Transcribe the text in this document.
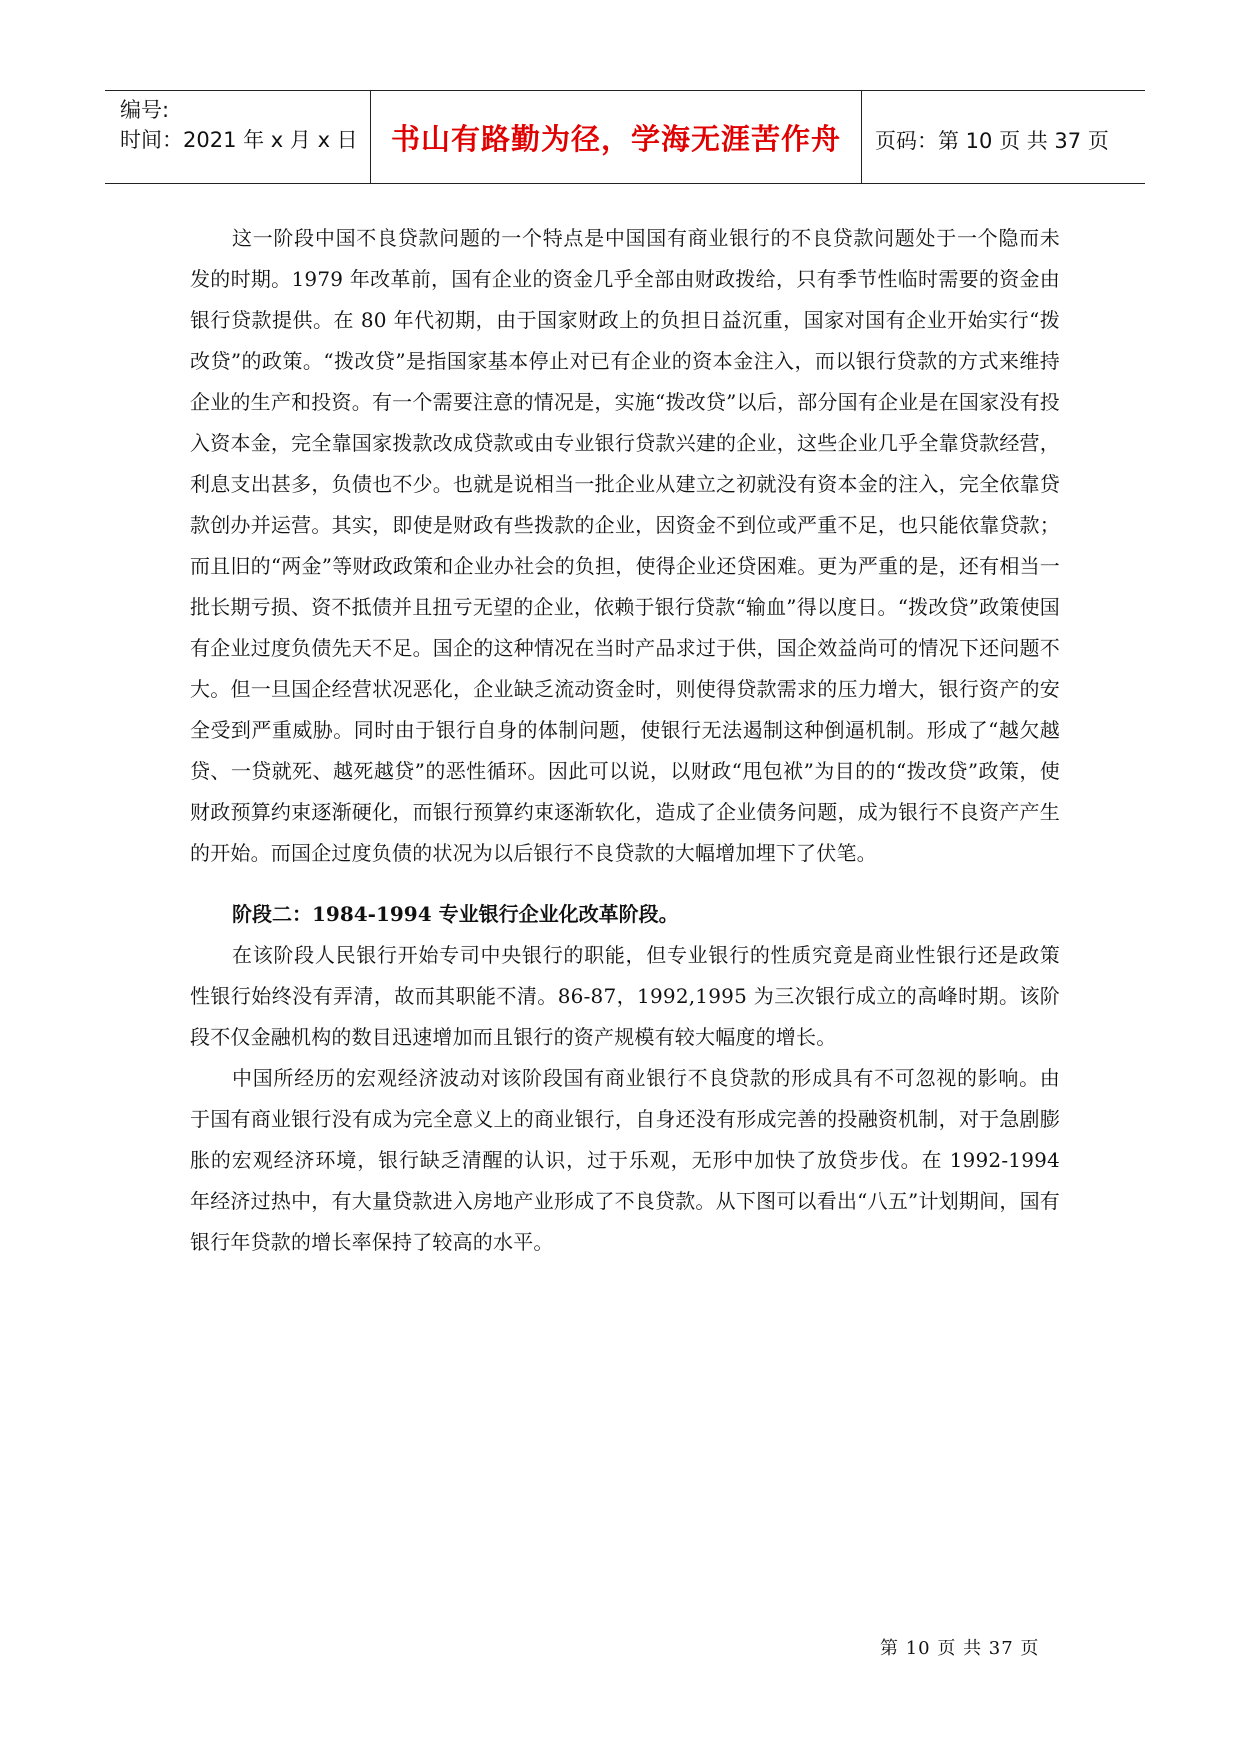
编号:
时间：2021 年 x 月 x 日	书山有路勤为径，学海无涯苦作舟	页码：第 10 页 共 37 页

这一阶段中国不良贷款问题的一个特点是中国国有商业银行的不良贷款问题处于一个隐而未发的时期。1979 年改革前，国有企业的资金几乎全部由财政拨给，只有季节性临时需要的资金由银行贷款提供。在 80 年代初期，由于国家财政上的负担日益沉重，国家对国有企业开始实行“拨改贷”的政策。“拨改贷”是指国家基本停止对已有企业的资本金注入，而以银行贷款的方式来维持企业的生产和投资。有一个需要注意的情况是，实施“拨改贷”以后，部分国有企业是在国家没有投入资本金，完全靠国家拨款改成贷款或由专业银行贷款兴建的企业，这些企业几乎全靠贷款经营，利息支出甚多，负债也不少。也就是说相当一批企业从建立之初就没有资本金的注入，完全依靠贷款创办并运营。其实，即使是财政有些拨款的企业，因资金不到位或严重不足，也只能依靠贷款；而且旧的“两金”等财政政策和企业办社会的负担，使得企业还贷困难。更为严重的是，还有相当一批长期亏损、资不抵债并且扭亏无望的企业，依赖于银行贷款“输血”得以度日。“拨改贷”政策使国有企业过度负债先天不足。国企的这种情况在当时产品求过于供，国企效益尚可的情况下还问题不大。但一旦国企经营状况恶化，企业缺乏流动资金时，则使得贷款需求的压力增大，银行资产的安全受到严重威胁。同时由于银行自身的体制问题，使银行无法遏制这种倒逼机制。形成了“越欠越贷、一贷就死、越死越贷”的恶性循环。因此可以说，以财政“甩包袱”为目的的“拨改贷”政策，使财政预算约束逐渐硬化，而银行预算约束逐渐软化，造成了企业债务问题，成为银行不良资产产生的开始。而国企过度负债的状况为以后银行不良贷款的大幅增加埋下了伏笔。

阶段二：1984-1994 专业银行企业化改革阶段。

在该阶段人民银行开始专司中央银行的职能，但专业银行的性质究竟是商业性银行还是政策性银行始终没有弄清，故而其职能不清。86-87，1992,1995 为三次银行成立的高峰时期。该阶段不仅金融机构的数目迅速增加而且银行的资产规模有较大幅度的增长。

中国所经历的宏观经济波动对该阶段国有商业银行不良贷款的形成具有不可忽视的影响。由于国有商业银行没有成为完全意义上的商业银行，自身还没有形成完善的投融资机制，对于急剧膨胀的宏观经济环境，银行缺乏清醒的认识，过于乐观，无形中加快了放贷步伐。在 1992-1994 年经济过热中，有大量贷款进入房地产业形成了不良贷款。从下图可以看出“八五”计划期间，国有银行年贷款的增长率保持了较高的水平。

第 10 页 共 37 页
